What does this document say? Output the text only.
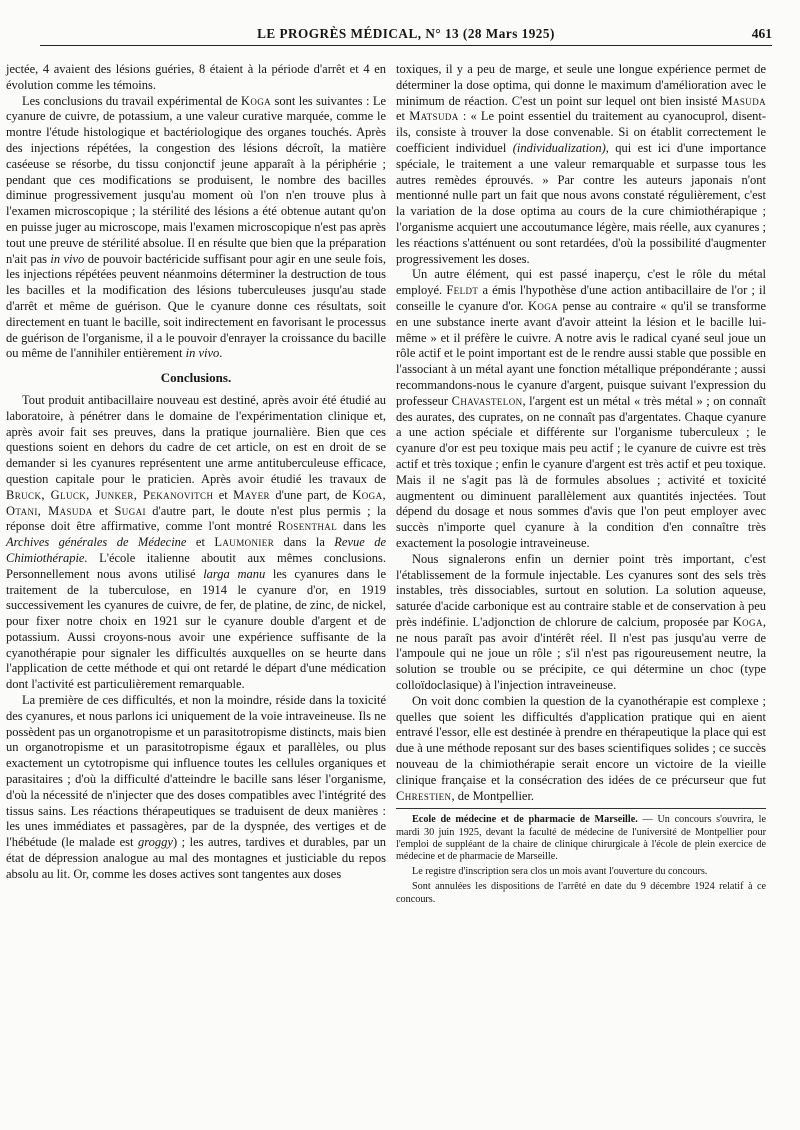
LE PROGRÈS MÉDICAL, N° 13 (28 Mars 1925)	461

jectée, 4 avaient des lésions guéries, 8 étaient à la période d'arrêt et 4 en évolution comme les témoins.

Les conclusions du travail expérimental de Koga sont les suivantes : Le cyanure de cuivre, de potassium, a une valeur curative marquée, comme le montre l'étude histologique et bactériologique des organes touchés. Après des injections répétées, la congestion des lésions décroît, la matière caséeuse se résorbe, du tissu conjonctif jeune apparaît à la périphérie ; pendant que ces modifications se produisent, le nombre des bacilles diminue progressivement jusqu'au moment où l'on n'en trouve plus à l'examen microscopique ; la stérilité des lésions a été obtenue autant qu'on en puisse juger au microscope, mais l'examen microscopique n'est pas après tout une preuve de stérilité absolue. Il en résulte que bien que la préparation n'ait pas in vivo de pouvoir bactéricide suffisant pour agir en une seule fois, les injections répétées peuvent néanmoins déterminer la destruction de tous les bacilles et la modification des lésions tuberculeuses jusqu'au stade d'arrêt et même de guérison. Que le cyanure donne ces résultats, soit directement en tuant le bacille, soit indirectement en favorisant le processus de guérison de l'organisme, il a le pouvoir d'enrayer la croissance du bacille ou même de l'annihiler entièrement in vivo.

Conclusions.

Tout produit antibacillaire nouveau est destiné, après avoir été étudié au laboratoire, à pénétrer dans le domaine de l'expérimentation clinique et, après avoir fait ses preuves, dans la pratique journalière. Bien que ces questions soient en dehors du cadre de cet article, on est en droit de se demander si les cyanures représentent une arme antituberculeuse efficace, question capitale pour le praticien. Après avoir étudié les travaux de Bruck, Gluck, Junker, Pekanovitch et Mayer d'une part, de Koga, Otani, Masuda et Sugai d'autre part, le doute n'est plus permis ; la réponse doit être affirmative, comme l'ont montré Rosenthal dans les Archives générales de Médecine et Laumonier dans la Revue de Chimiothérapie. L'école italienne aboutit aux mêmes conclusions. Personnellement nous avons utilisé larga manu les cyanures dans le traitement de la tuberculose, en 1914 le cyanure d'or, en 1919 successivement les cyanures de cuivre, de fer, de platine, de zinc, de nickel, pour fixer notre choix en 1921 sur le cyanure double d'argent et de potassium. Aussi croyons-nous avoir une expérience suffisante de la cyanothérapie pour signaler les difficultés auxquelles on se heurte dans l'application de cette méthode et qui ont retardé le départ d'une médication dont l'activité est particulièrement remarquable.

La première de ces difficultés, et non la moindre, réside dans la toxicité des cyanures, et nous parlons ici uniquement de la voie intraveineuse. Ils ne possèdent pas un organotropisme et un parasitotropisme distincts, mais bien un organotropisme et un parasitotropisme égaux et parallèles, ou plus exactement un cytotropisme qui influence toutes les cellules organiques et parasitaires ; d'où la difficulté d'atteindre le bacille sans léser l'organisme, d'où la nécessité de n'injecter que des doses compatibles avec l'intégrité des tissus sains. Les réactions thérapeutiques se traduisent de deux manières : les unes immédiates et passagères, par de la dyspnée, des vertiges et de l'hébétude (le malade est groggy) ; les autres, tardives et durables, par un état de dépression analogue au mal des montagnes et justiciable du repos absolu au lit. Or, comme les doses actives sont tangentes aux doses

toxiques, il y a peu de marge, et seule une longue expérience permet de déterminer la dose optima, qui donne le maximum d'amélioration avec le minimum de réaction. C'est un point sur lequel ont bien insisté Masuda et Matsuda : « Le point essentiel du traitement au cyanocuprol, disent-ils, consiste à trouver la dose convenable. Si on établit correctement le coefficient individuel (individualization), qui est ici d'une importance spéciale, le traitement a une valeur remarquable et surpasse tous les autres remèdes éprouvés. » Par contre les auteurs japonais n'ont mentionné nulle part un fait que nous avons constaté régulièrement, c'est la variation de la dose optima au cours de la cure chimiothérapique ; l'organisme acquiert une accoutumance légère, mais réelle, aux cyanures ; les réactions s'atténuent ou sont retardées, d'où la possibilité d'augmenter progressivement les doses.

Un autre élément, qui est passé inaperçu, c'est le rôle du métal employé. Feldt a émis l'hypothèse d'une action antibacillaire de l'or ; il conseille le cyanure d'or. Koga pense au contraire « qu'il se transforme en une substance inerte avant d'avoir atteint la lésion et le bacille lui-même » et il préfère le cuivre. A notre avis le radical cyané seul joue un rôle actif et le point important est de le rendre aussi stable que possible en l'associant à un métal ayant une fonction métallique prépondérante ; aussi recommandons-nous le cyanure d'argent, puisque suivant l'expression du professeur Chavastelon, l'argent est un métal « très métal » ; on connaît des aurates, des cuprates, on ne connaît pas d'argentates. Chaque cyanure a une action spéciale et différente sur l'organisme tuberculeux ; le cyanure d'or est peu toxique mais peu actif ; le cyanure de cuivre est très actif et très toxique ; enfin le cyanure d'argent est très actif et peu toxique. Mais il ne s'agit pas là de formules absolues ; activité et toxicité augmentent ou diminuent parallèlement aux quantités injectées. Tout dépend du dosage et nous sommes d'avis que l'on peut employer avec succès n'importe quel cyanure à la condition d'en connaître très exactement la posologie intraveineuse.

Nous signalerons enfin un dernier point très important, c'est l'établissement de la formule injectable. Les cyanures sont des sels très instables, très dissociables, surtout en solution. La solution aqueuse, saturée d'acide carbonique est au contraire stable et de conservation à peu près indéfinie. L'adjonction de chlorure de calcium, proposée par Koga, ne nous paraît pas avoir d'intérêt réel. Il n'est pas jusqu'au verre de l'ampoule qui ne joue un rôle ; s'il n'est pas rigoureusement neutre, la solution se trouble ou se précipite, ce qui détermine un choc (type colloïdoclasique) à l'injection intraveineuse.

On voit donc combien la question de la cyanothérapie est complexe ; quelles que soient les difficultés d'application pratique qui en aient entravé l'essor, elle est destinée à prendre en thérapeutique la place qui est due à une méthode reposant sur des bases scientifiques solides ; ce succès nouveau de la chimiothérapie serait encore un victoire de la vieille clinique française et la consécration des idées de ce précurseur que fut Chrestien, de Montpellier.

Ecole de médecine et de pharmacie de Marseille. — Un concours s'ouvrira, le mardi 30 juin 1925, devant la faculté de médecine de l'université de Montpellier pour l'emploi de suppléant de la chaire de clinique chirurgicale à l'école de plein exercice de médecine et de pharmacie de Marseille.

Le registre d'inscription sera clos un mois avant l'ouverture du concours.

Sont annulées les dispositions de l'arrêté en date du 9 décembre 1924 relatif à ce concours.
